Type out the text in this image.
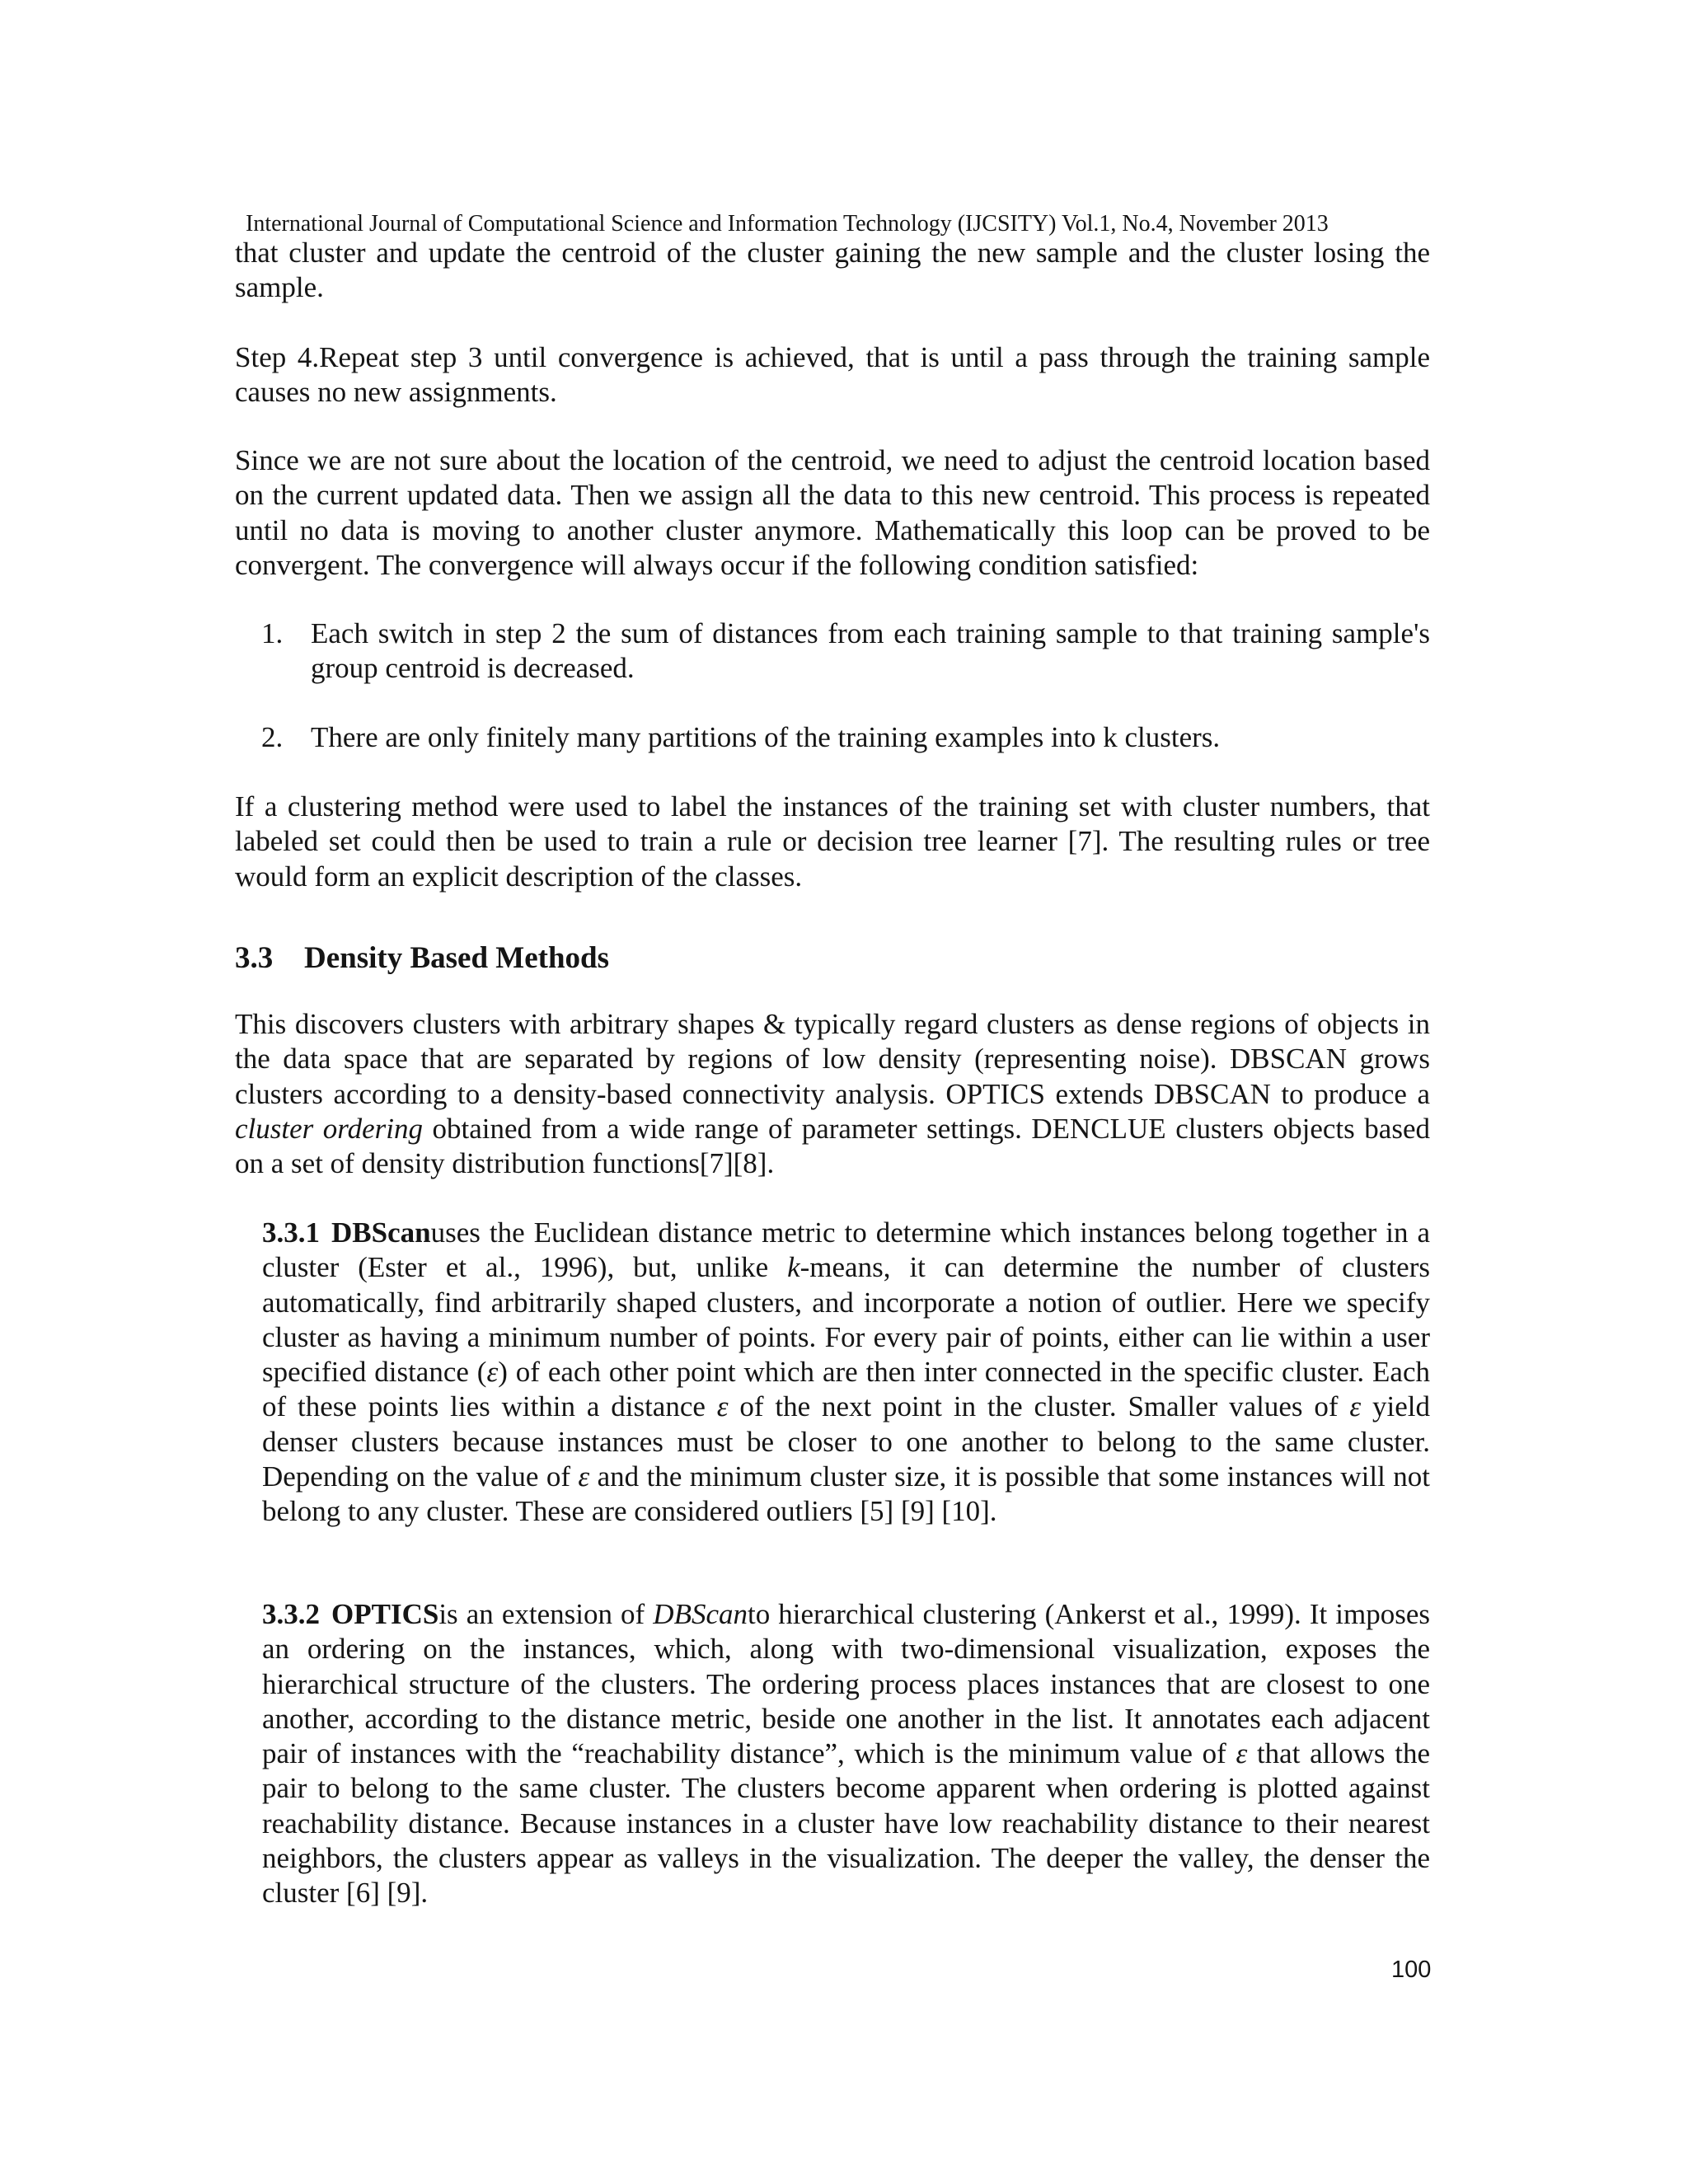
International Journal of Computational Science and Information Technology (IJCSITY) Vol.1, No.4, November 2013

that cluster and update the centroid of the cluster gaining the new sample and the cluster losing the sample.

Step 4.Repeat step 3 until convergence is achieved, that is until a pass through the training sample causes no new assignments.

Since we are not sure about the location of the centroid, we need to adjust the centroid location based on the current updated data. Then we assign all the data to this new centroid. This process is repeated until no data is moving to another cluster anymore. Mathematically this loop can be proved to be convergent. The convergence will always occur if the following condition satisfied:

1. Each switch in step 2 the sum of distances from each training sample to that training sample's group centroid is decreased.
2. There are only finitely many partitions of the training examples into k clusters.

If a clustering method were used to label the instances of the training set with cluster numbers, that labeled set could then be used to train a rule or decision tree learner [7]. The resulting rules or tree would form an explicit description of the classes.

3.3 Density Based Methods

This discovers clusters with arbitrary shapes & typically regard clusters as dense regions of objects in the data space that are separated by regions of low density (representing noise). DBSCAN grows clusters according to a density-based connectivity analysis. OPTICS extends DBSCAN to produce a cluster ordering obtained from a wide range of parameter settings. DENCLUE clusters objects based on a set of density distribution functions[7][8].

3.3.1 DBScanuses the Euclidean distance metric to determine which instances belong together in a cluster (Ester et al., 1996), but, unlike k-means, it can determine the number of clusters automatically, find arbitrarily shaped clusters, and incorporate a notion of outlier. Here we specify cluster as having a minimum number of points. For every pair of points, either can lie within a user specified distance (ε) of each other point which are then inter connected in the specific cluster. Each of these points lies within a distance ε of the next point in the cluster. Smaller values of ε yield denser clusters because instances must be closer to one another to belong to the same cluster. Depending on the value of ε and the minimum cluster size, it is possible that some instances will not belong to any cluster. These are considered outliers [5] [9] [10].

3.3.2 OPTICSis an extension of DBScanto hierarchical clustering (Ankerst et al., 1999). It imposes an ordering on the instances, which, along with two-dimensional visualization, exposes the hierarchical structure of the clusters. The ordering process places instances that are closest to one another, according to the distance metric, beside one another in the list. It annotates each adjacent pair of instances with the “reachability distance”, which is the minimum value of ε that allows the pair to belong to the same cluster. The clusters become apparent when ordering is plotted against reachability distance. Because instances in a cluster have low reachability distance to their nearest neighbors, the clusters appear as valleys in the visualization. The deeper the valley, the denser the cluster [6] [9].

100
